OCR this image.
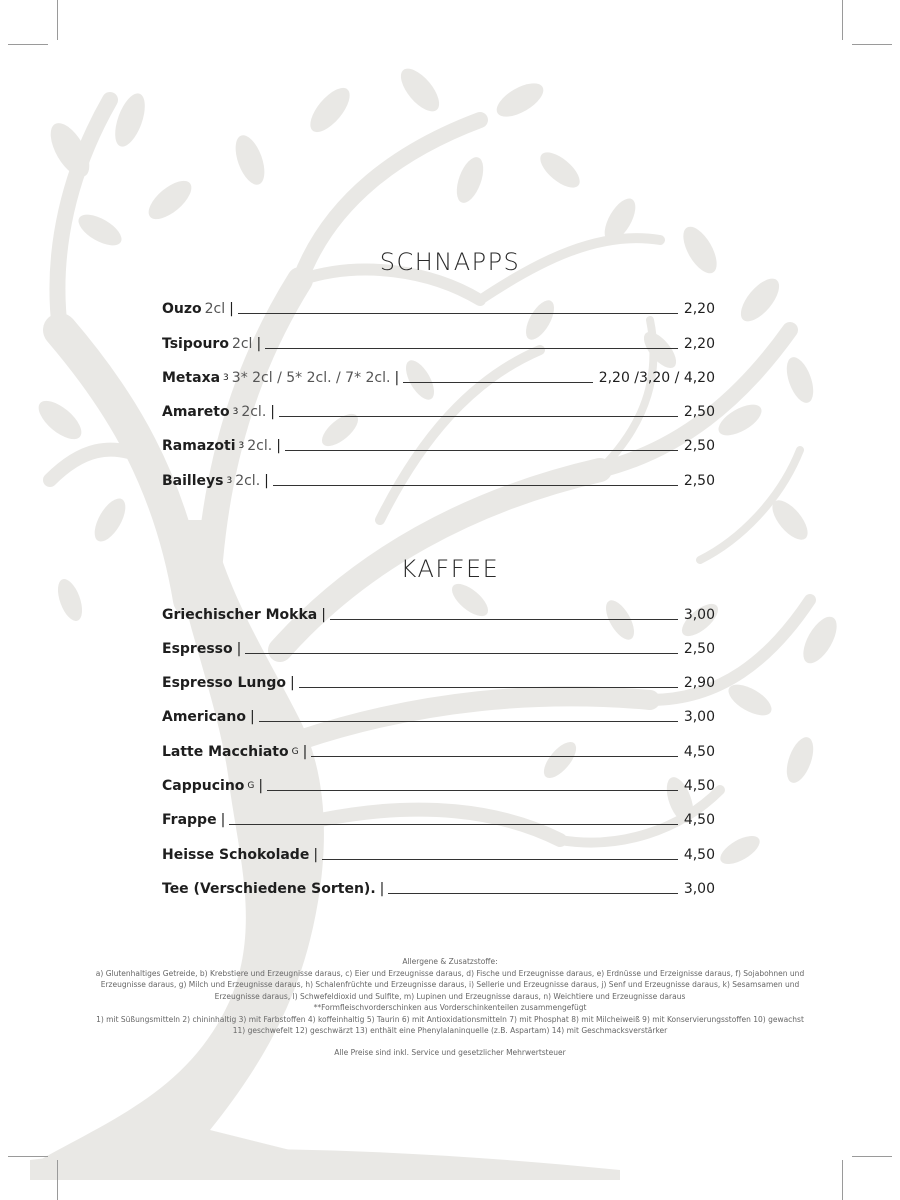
SCHNAPPS
Ouzo 2cl |	2,20
Tsipouro 2cl |	2,20
Metaxa 3 3* 2cl / 5* 2cl. / 7* 2cl. |	2,20 /3,20 / 4,20
Amareto 3 2cl. |	2,50
Ramazoti 3 2cl. |	2,50
Bailleys 3 2cl. |	2,50
KAFFEE
Griechischer Mokka |	3,00
Espresso |	2,50
Espresso Lungo |	2,90
Americano |	3,00
Latte Macchiato G |	4,50
Cappucino G |	4,50
Frappe |	4,50
Heisse Schokolade |	4,50
Tee (Verschiedene Sorten). |	3,00
Allergene & Zusatzstoffe:
a) Glutenhaltiges Getreide, b) Krebstiere und Erzeugnisse daraus, c) Eier und Erzeugnisse daraus, d) Fische und Erzeugnisse daraus, e) Erdnüsse und Erzeignisse daraus, f) Sojabohnen und Erzeugnisse daraus, g) Milch und Erzeugnisse daraus, h) Schalenfrüchte und Erzeugnisse daraus, i) Sellerie und Erzeugnisse daraus, j) Senf und Erzeugnisse daraus, k) Sesamsamen und Erzeugnisse daraus, l) Schwefeldioxid und Sulfite, m) Lupinen und Erzeugnisse daraus, n) Weichtiere und Erzeugnisse daraus
**Formfleischvorderschinken aus Vorderschinkenteilen zusammengefügt
1) mit Süßungsmitteln 2) chininhaltig 3) mit Farbstoffen 4) koffeinhaltig 5) Taurin 6) mit Antioxidationsmitteln 7) mit Phosphat 8) mit Milcheiweiß 9) mit Konservierungsstoffen 10) gewachst 11) geschwefelt 12) geschwärzt 13) enthält eine Phenylalaninquelle (z.B. Aspartam) 14) mit Geschmacksverstärker
Alle Preise sind inkl. Service und gesetzlicher Mehrwertsteuer
